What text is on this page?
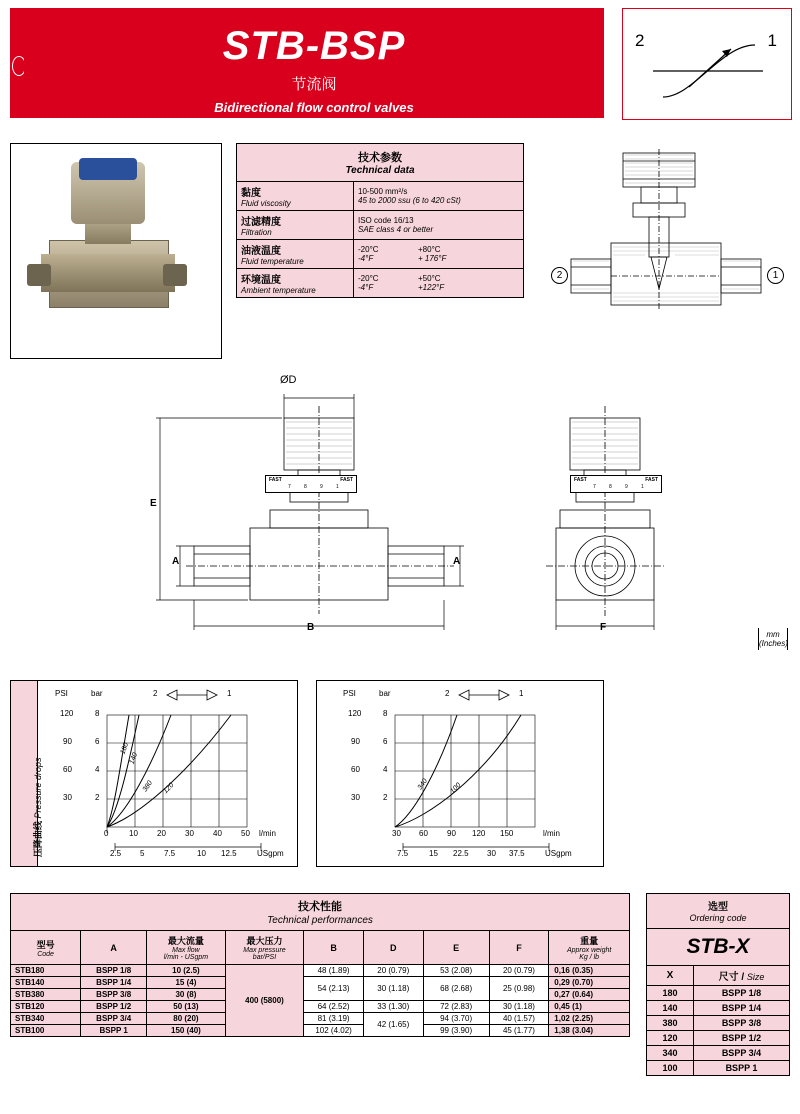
STB-BSP
节流阀
Bidirectional flow control valves
2	1
技术参数
Technical data	

黏度
Fluid viscosity

10-500 mm²/s
45 to 2000 ssu (6 to 420 cSt)

过滤精度
Filtration

ISO code 16/13
SAE class 4 or better

油液温度
Fluid temperature

-20°C	+80°C
-4°F	+ 176°F

环境温度
Ambient temperature

-20°C	+50°C
-4°F	+122°F
2	1
ØD
E
A	A
B
FAST	FAST
7	8	9	1
F
FAST	FAST
7	8	9	1
mm
(Inches)
压降曲线 Pressure drops
PSI	bar	2	1
30
60
90
120
2
4
6
8
0	10 20 30 40 50 l/min
2.5 5 7.5	10 12.5	USgpm
180
140
380 120
PSI	bar	2	1
30
60
90
120
2
4
6
8
30 60 90 120 150	l/min
7.5	15 22.5 30 37.5	USgpm
340	100
技术性能
Technical performances								

型号
Code

A

最大流量
Max flow
l/min - USgpm

最大压力
Max pressure
bar/PSI

B	D	E	F

重量
Approx weight
Kg / lb

STB180	BSPP 1/8	10 (2.5)	400 (5800)	48 (1.89)	20 (0.79)	53 (2.08)	20 (0.79)	0,16 (0.35)
STB140	BSPP 1/4	15 (4)		54 (2.13)	30 (1.18)	68 (2.68)	25 (0.98)	0,29 (0.70)
STB380	BSPP 3/8	30 (8)						0,27 (0.64)
STB120	BSPP 1/2	50 (13)		64 (2.52)	33 (1.30)	72 (2.83)	30 (1.18)	0,45 (1)
STB340	BSPP 3/4	80 (20)		81 (3.19)	42 (1.65)	94 (3.70)	40 (1.57)	1,02 (2.25)
STB100	BSPP 1	150 (40)		102 (4.02)		99 (3.90)	45 (1.77)	1,38 (3.04)
选型
Ordering code	
STB-X	
X	尺寸 / Size
180	BSPP 1/8
140	BSPP 1/4
380	BSPP 3/8
120	BSPP 1/2
340	BSPP 3/4
100	BSPP 1
